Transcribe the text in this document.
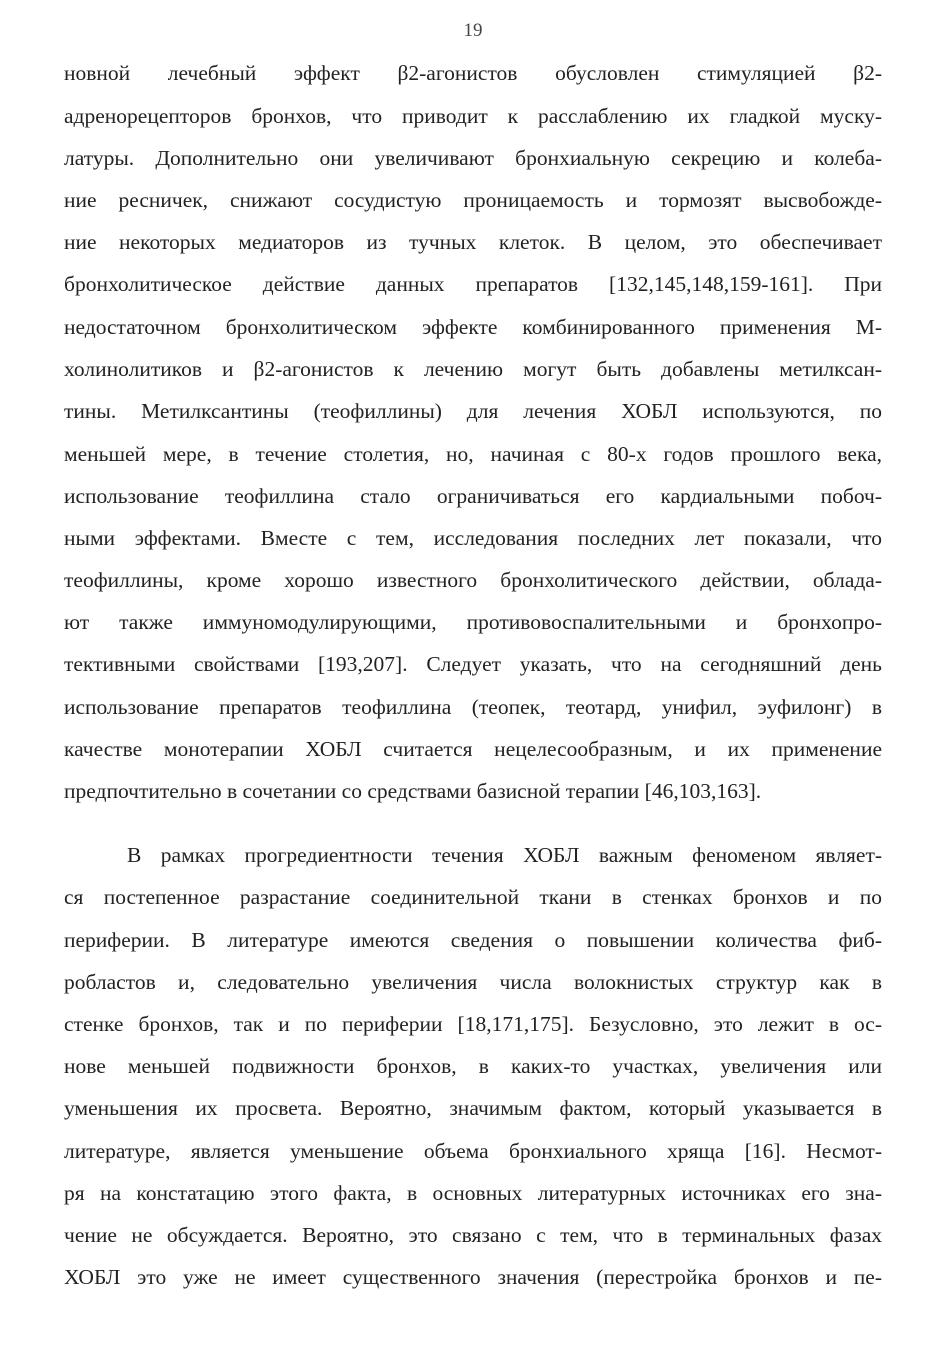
19
новной лечебный эффект β2-агонистов обусловлен стимуляцией β2-
адренорецепторов бронхов, что приводит к расслаблению их гладкой муску-
латуры. Дополнительно они увеличивают бронхиальную секрецию и колеба-
ние ресничек, снижают сосудистую проницаемость и тормозят высвобожде-
ние некоторых медиаторов из тучных клеток. В целом, это обеспечивает
бронхолитическое действие данных препаратов [132,145,148,159-161]. При
недостаточном бронхолитическом эффекте комбинированного применения М-
холинолитиков и β2-агонистов к лечению могут быть добавлены метилксан-
тины. Метилксантины (теофиллины) для лечения ХОБЛ используются, по
меньшей мере, в течение столетия, но, начиная с 80-х годов прошлого века,
использование теофиллина стало ограничиваться его кардиальными побоч-
ными эффектами. Вместе с тем, исследования последних лет показали, что
теофиллины, кроме хорошо известного бронхолитического действии, облада-
ют также иммуномодулирующими, противовоспалительными и бронхопро-
тективными свойствами [193,207]. Следует указать, что на сегодняшний день
использование препаратов теофиллина (теопек, теотард, унифил, эуфилонг) в
качестве монотерапии ХОБЛ считается нецелесообразным, и их применение
предпочтительно в сочетании со средствами базисной терапии [46,103,163].
В рамках прогредиентности течения ХОБЛ важным феноменом являет-
ся постепенное разрастание соединительной ткани в стенках бронхов и по
периферии. В литературе имеются сведения о повышении количества фиб-
робластов и, следовательно увеличения числа волокнистых структур как в
стенке бронхов, так и по периферии [18,171,175]. Безусловно, это лежит в ос-
нове меньшей подвижности бронхов, в каких-то участках, увеличения или
уменьшения их просвета. Вероятно, значимым фактом, который указывается в
литературе, является уменьшение объема бронхиального хряща [16]. Несмот-
ря на констатацию этого факта, в основных литературных источниках его зна-
чение не обсуждается. Вероятно, это связано с тем, что в терминальных фазах
ХОБЛ это уже не имеет существенного значения (перестройка бронхов и пе-
